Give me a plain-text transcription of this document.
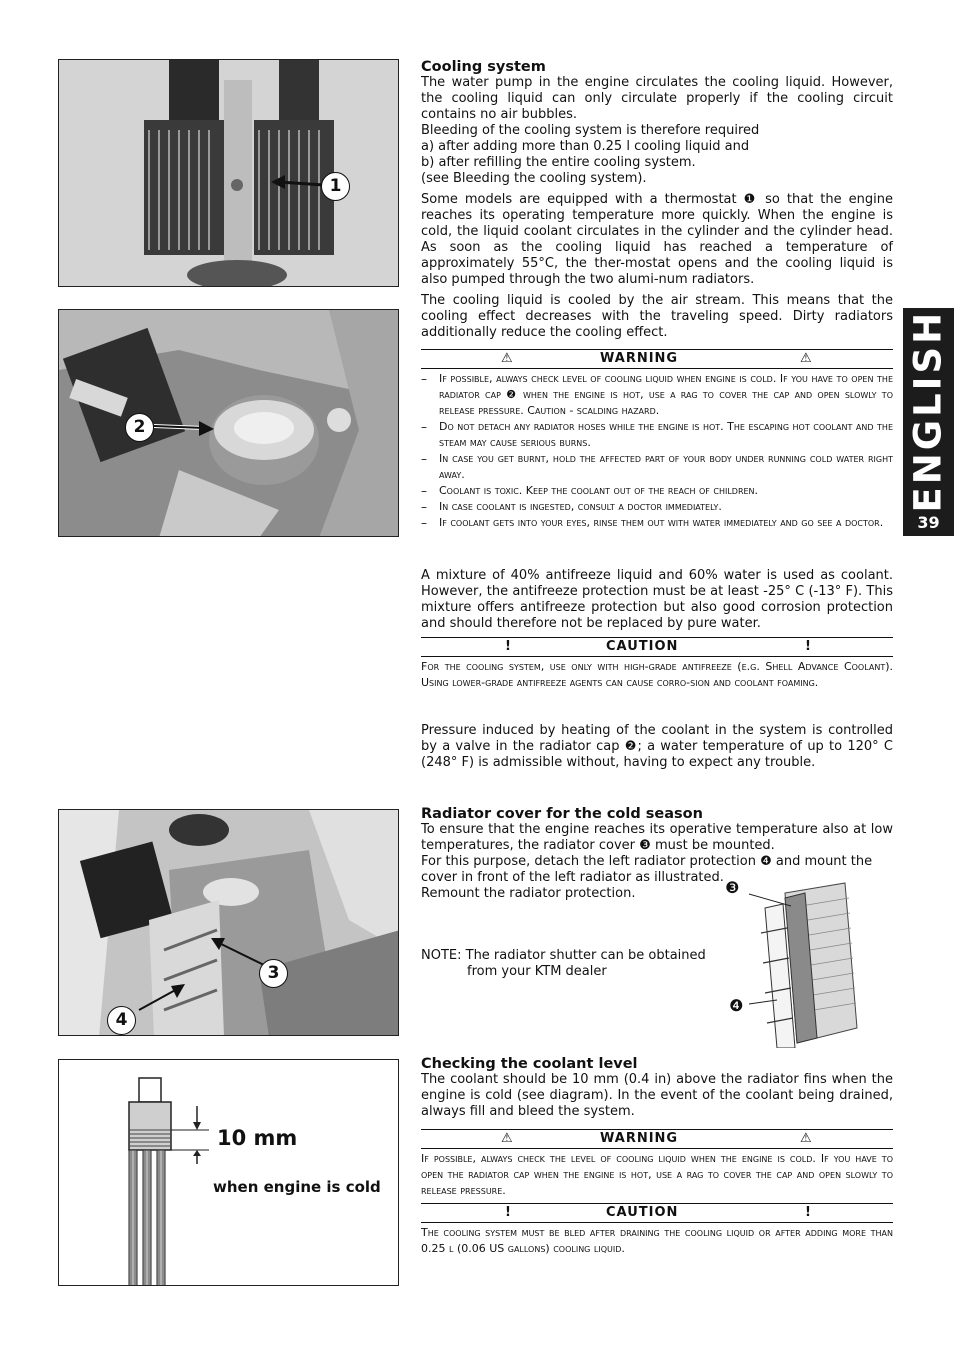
1
2
3
4
10 mm
when engine is cold
ENGLISH
39

Cooling system

The water pump in the engine circulates the cooling liquid. However, the cooling liquid can only circulate properly if the cooling circuit contains no air bubbles.

Bleeding of the cooling system is therefore required

a) after adding more than 0.25 l cooling liquid and

b) after refilling the entire cooling system.

(see Bleeding the cooling system).

Some models are equipped with a thermostat ❶ so that the engine reaches its operating temperature more quickly. When the engine is cold, the liquid coolant circulates in the cylinder and the cylinder head. As soon as the cooling liquid has reached a temperature of approximately 55°C, the ther-mostat opens and the cooling liquid is also pumped through the two alumi-num radiators.

The cooling liquid is cooled by the air stream. This means that the cooling effect decreases with the traveling speed. Dirty radiators additionally reduce the cooling effect.

⚠	WARNING	⚠
– If possible, always check level of cooling liquid when engine is cold. If you have to open the radiator cap ❷ when the engine is hot, use a rag to cover the cap and open slowly to release pressure. Caution - scalding hazard.
– Do not detach any radiator hoses while the engine is hot. The escaping hot coolant and the steam may cause serious burns.
– In case you get burnt, hold the affected part of your body under running cold water right away.
– Coolant is toxic. Keep the coolant out of the reach of children.
– In case coolant is ingested, consult a doctor immediately.
– If coolant gets into your eyes, rinse them out with water immediately and go see a doctor.
A mixture of 40% antifreeze liquid and 60% water is used as coolant. However, the antifreeze protection must be at least -25° C (-13° F). This mixture offers antifreeze protection but also good corrosion protection and should therefore not be replaced by pure water.
!	CAUTION	!
For the cooling system, use only with high-grade antifreeze (e.g. Shell Advance Coolant). Using lower-grade antifreeze agents can cause corro-sion and coolant foaming.
Pressure induced by heating of the coolant in the system is controlled by a valve in the radiator cap ❷; a water temperature of up to 120° C (248° F) is admissible without, having to expect any trouble.

Radiator cover for the cold season

To ensure that the engine reaches its operative temperature also at low temperatures, the radiator cover ❸ must be mounted.

For this purpose, detach the left radiator protection ❹ and mount the cover in front of the left radiator as illustrated.

Remount the radiator protection.

NOTE: The radiator shutter can be obtained

from your KTM dealer

❸
❹

Checking the coolant level

The coolant should be 10 mm (0.4 in) above the radiator fins when the engine is cold (see diagram). In the event of the coolant being drained, always fill and bleed the system.

⚠	WARNING	⚠
If possible, always check the level of cooling liquid when the engine is cold. If you have to open the radiator cap when the engine is hot, use a rag to cover the cap and open slowly to release pressure.
!	CAUTION	!
The cooling system must be bled after draining the cooling liquid or after adding more than 0.25 l (0.06 US gallons) cooling liquid.
